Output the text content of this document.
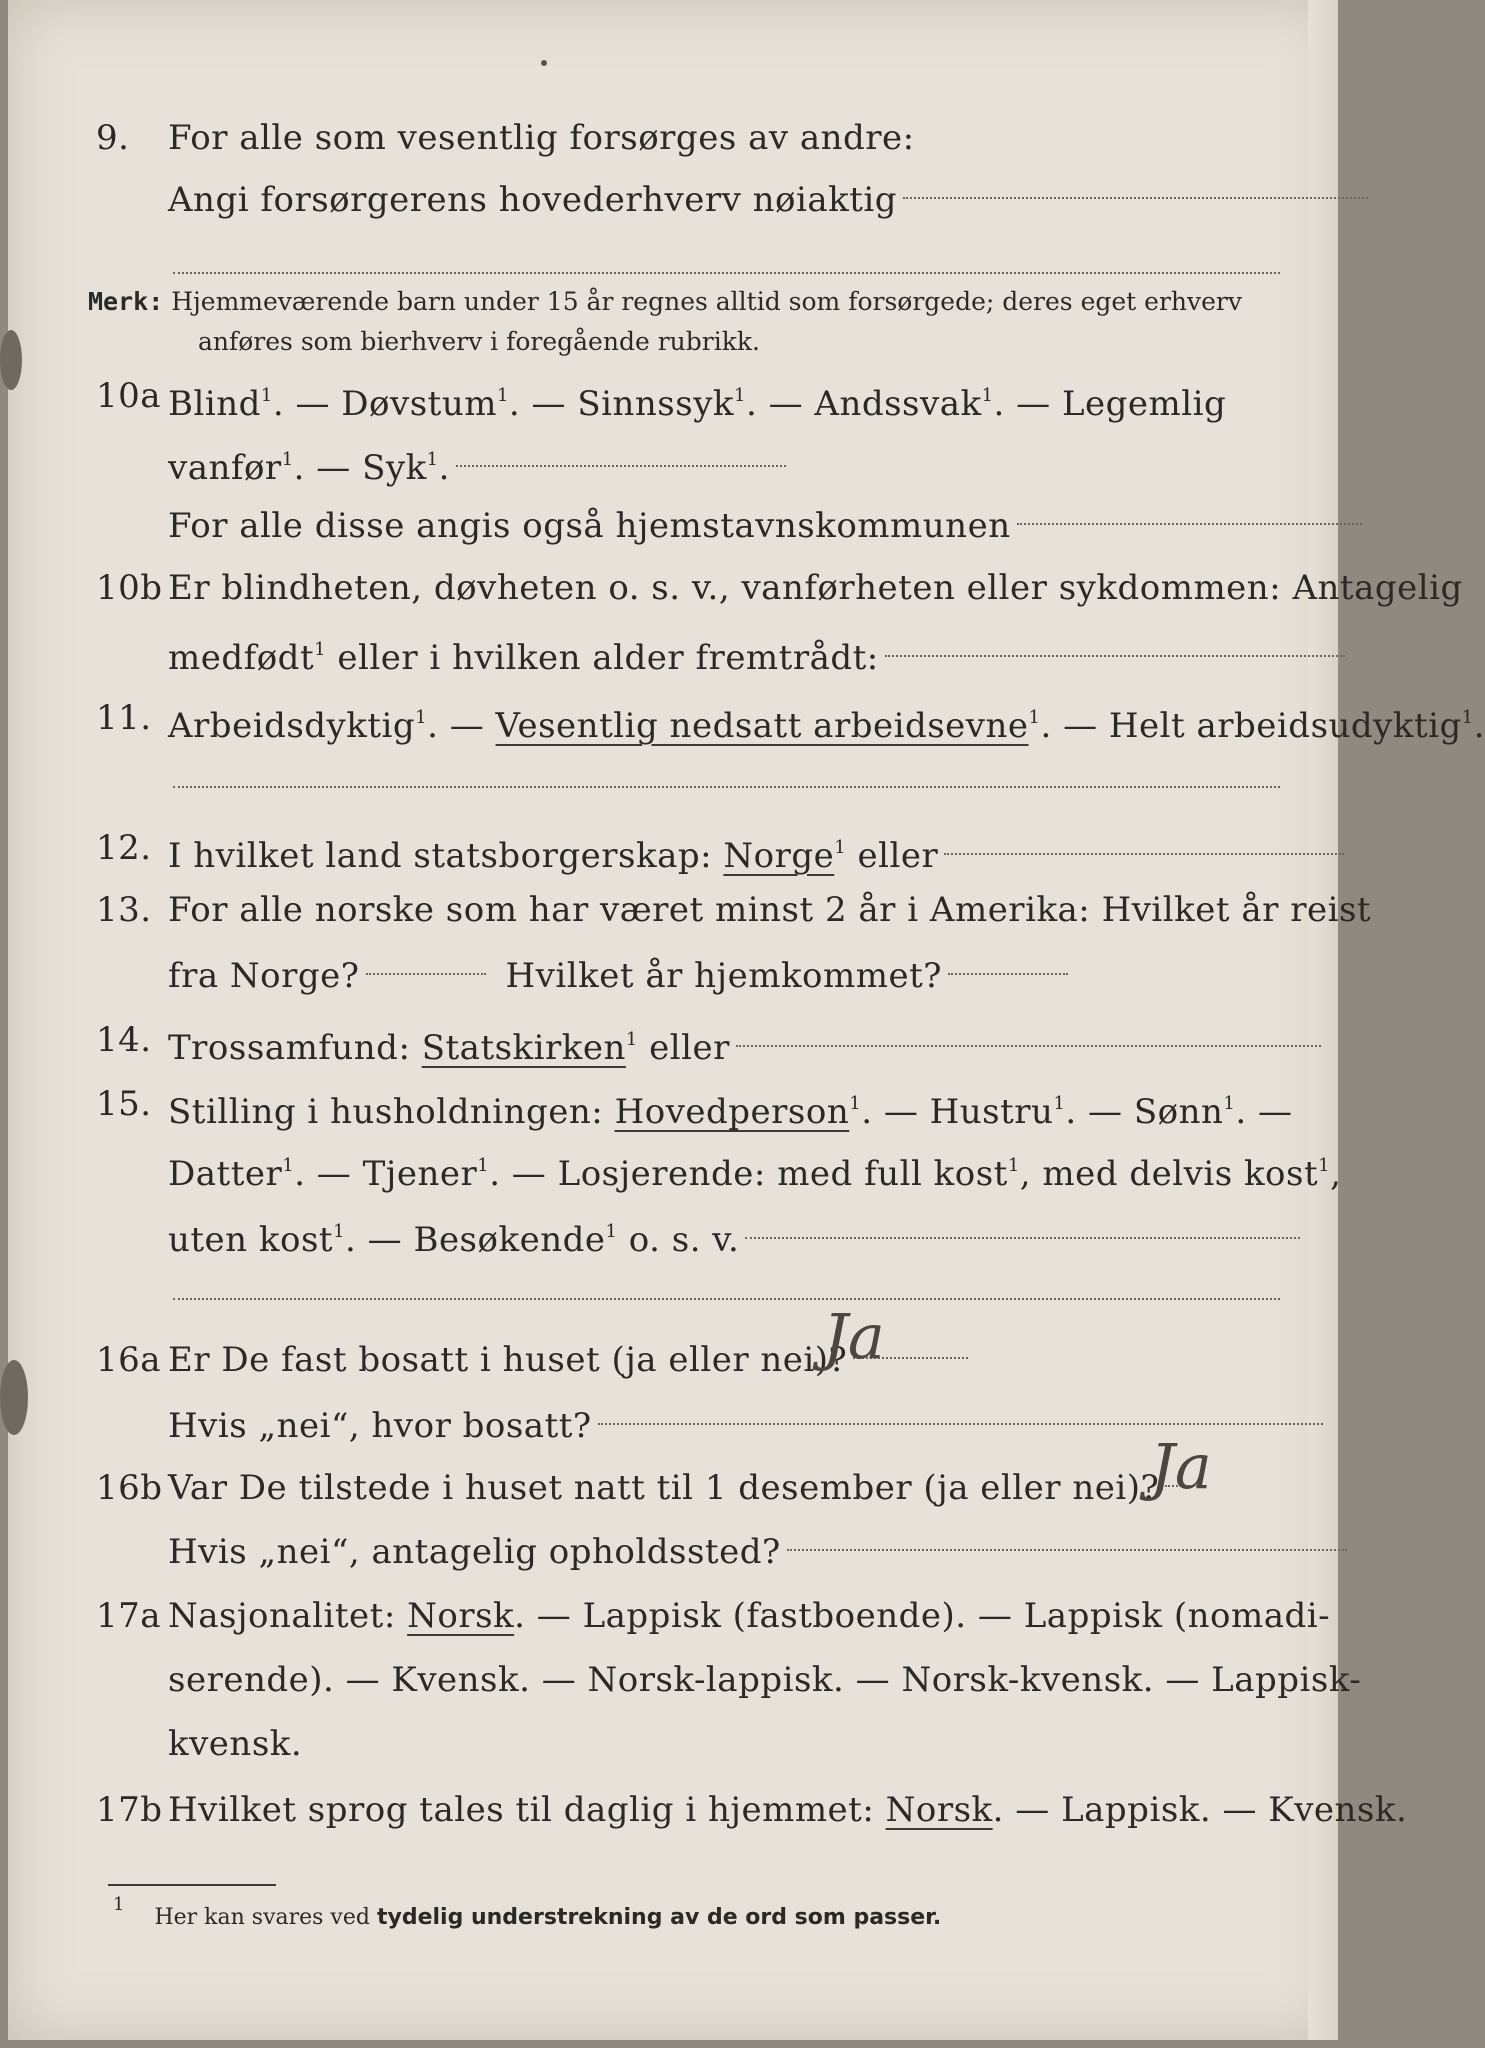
9.	For alle som vesentlig forsørges av andre:
Angi forsørgerens hovederhverv nøiaktig
Merk: Hjemmeværende barn under 15 år regnes alltid som forsørgede; deres eget erhverv
anføres som bierhverv i foregående rubrikk.
10a Blind$^1$. — Døvstum$^1$. — Sinnssyk$^1$. — Andssvak$^1$. — Legemlig
vanfør$^1$. — Syk$^1$.
For alle disse angis også hjemstavnskommunen
10b Er blindheten, døvheten o. s. v., vanførheten eller sykdommen: Antagelig
medfødt$^1$ eller i hvilken alder fremtrådt:
11. Arbeidsdyktig$^1$. — Vesentlig nedsatt arbeidsevne$^1$. — Helt arbeidsudyktig$^1$.
12. I hvilket land statsborgerskap: Norge$^1$ eller
13. For alle norske som har været minst 2 år i Amerika: Hvilket år reist
fra Norge?	Hvilket år hjemkommet?
14. Trossamfund: Statskirken$^1$ eller
15. Stilling i husholdningen: Hovedperson$^1$. — Hustru$^1$. — Sønn$^1$. —
Datter$^1$. — Tjener$^1$. — Losjerende: med full kost$^1$, med delvis kost$^1$,
uten kost$^1$. — Besøkende$^1$ o. s. v.
16a Er De fast bosatt i huset (ja eller nei)?
Ja
Hvis „nei“, hvor bosatt?
16b Var De tilstede i huset natt til 1 desember (ja eller nei)?
Ja
Hvis „nei“, antagelig opholdssted?
17a Nasjonalitet: Norsk. — Lappisk (fastboende). — Lappisk (nomadi-
serende). — Kvensk. — Norsk-lappisk. — Norsk-kvensk. — Lappisk-
kvensk.
17b Hvilket sprog tales til daglig i hjemmet: Norsk. — Lappisk. — Kvensk.
$^1$Her kan svares ved tydelig understrekning av de ord som passer.
